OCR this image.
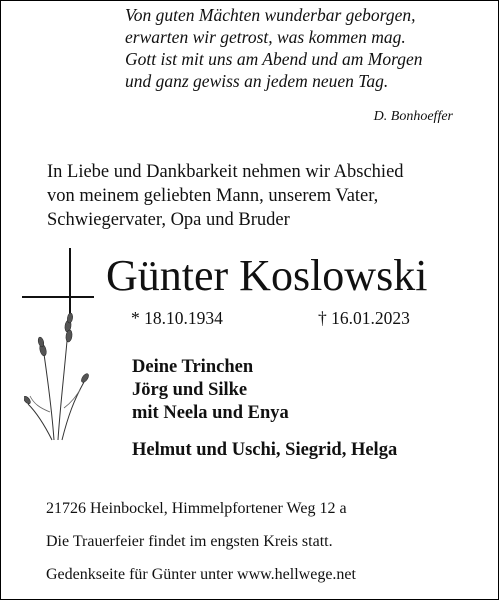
Von guten Mächten wunderbar geborgen,
erwarten wir getrost, was kommen mag.
Gott ist mit uns am Abend und am Morgen
und ganz gewiss an jedem neuen Tag.
D. Bonhoeffer
In Liebe und Dankbarkeit nehmen wir Abschied
von meinem geliebten Mann, unserem Vater,
Schwiegervater, Opa und Bruder
Günter Koslowski
* 18.10.1934	† 16.01.2023
Deine Trinchen
Jörg und Silke
mit Neela und Enya
Helmut und Uschi, Siegrid, Helga
21726 Heinbockel, Himmelpfortener Weg 12 a
Die Trauerfeier findet im engsten Kreis statt.
Gedenkseite für Günter unter www.hellwege.net
